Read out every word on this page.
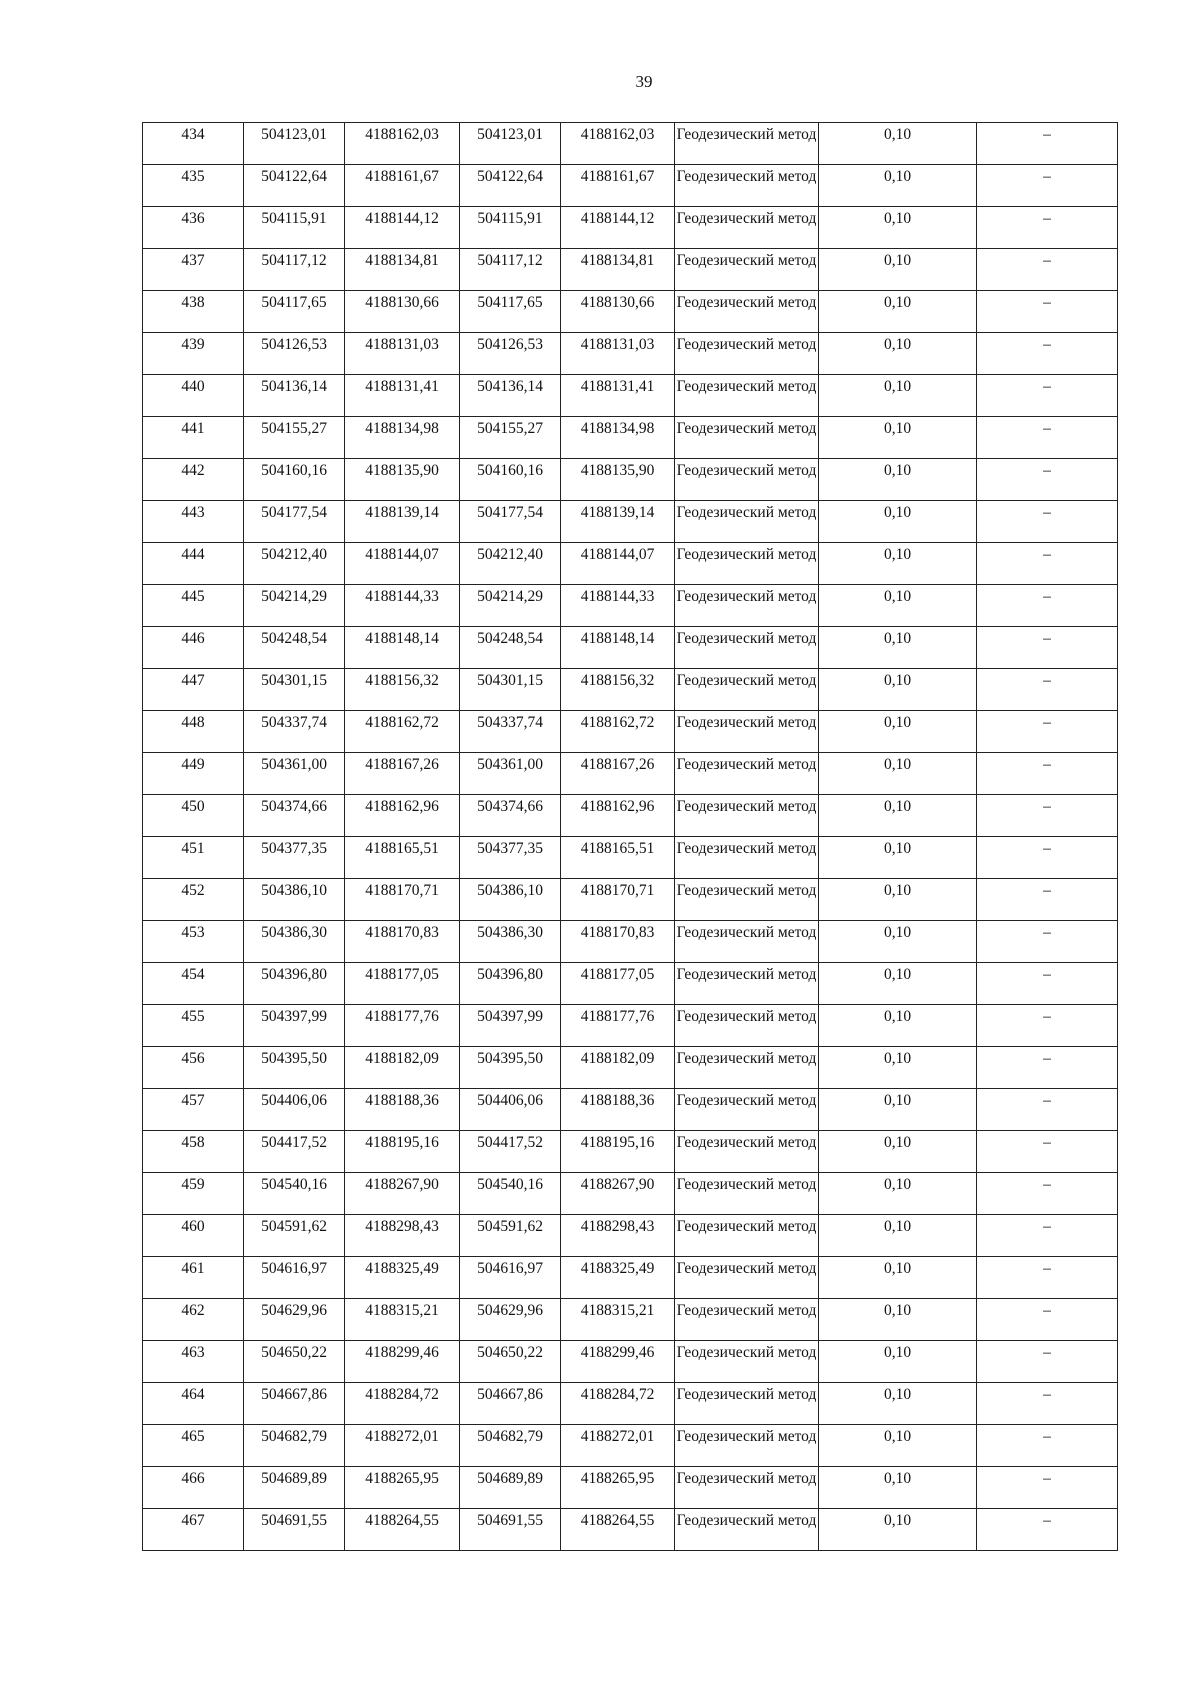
39
434	504123,01	4188162,03	504123,01	4188162,03	Геодезический метод	0,10	–
435	504122,64	4188161,67	504122,64	4188161,67	Геодезический метод	0,10	–
436	504115,91	4188144,12	504115,91	4188144,12	Геодезический метод	0,10	–
437	504117,12	4188134,81	504117,12	4188134,81	Геодезический метод	0,10	–
438	504117,65	4188130,66	504117,65	4188130,66	Геодезический метод	0,10	–
439	504126,53	4188131,03	504126,53	4188131,03	Геодезический метод	0,10	–
440	504136,14	4188131,41	504136,14	4188131,41	Геодезический метод	0,10	–
441	504155,27	4188134,98	504155,27	4188134,98	Геодезический метод	0,10	–
442	504160,16	4188135,90	504160,16	4188135,90	Геодезический метод	0,10	–
443	504177,54	4188139,14	504177,54	4188139,14	Геодезический метод	0,10	–
444	504212,40	4188144,07	504212,40	4188144,07	Геодезический метод	0,10	–
445	504214,29	4188144,33	504214,29	4188144,33	Геодезический метод	0,10	–
446	504248,54	4188148,14	504248,54	4188148,14	Геодезический метод	0,10	–
447	504301,15	4188156,32	504301,15	4188156,32	Геодезический метод	0,10	–
448	504337,74	4188162,72	504337,74	4188162,72	Геодезический метод	0,10	–
449	504361,00	4188167,26	504361,00	4188167,26	Геодезический метод	0,10	–
450	504374,66	4188162,96	504374,66	4188162,96	Геодезический метод	0,10	–
451	504377,35	4188165,51	504377,35	4188165,51	Геодезический метод	0,10	–
452	504386,10	4188170,71	504386,10	4188170,71	Геодезический метод	0,10	–
453	504386,30	4188170,83	504386,30	4188170,83	Геодезический метод	0,10	–
454	504396,80	4188177,05	504396,80	4188177,05	Геодезический метод	0,10	–
455	504397,99	4188177,76	504397,99	4188177,76	Геодезический метод	0,10	–
456	504395,50	4188182,09	504395,50	4188182,09	Геодезический метод	0,10	–
457	504406,06	4188188,36	504406,06	4188188,36	Геодезический метод	0,10	–
458	504417,52	4188195,16	504417,52	4188195,16	Геодезический метод	0,10	–
459	504540,16	4188267,90	504540,16	4188267,90	Геодезический метод	0,10	–
460	504591,62	4188298,43	504591,62	4188298,43	Геодезический метод	0,10	–
461	504616,97	4188325,49	504616,97	4188325,49	Геодезический метод	0,10	–
462	504629,96	4188315,21	504629,96	4188315,21	Геодезический метод	0,10	–
463	504650,22	4188299,46	504650,22	4188299,46	Геодезический метод	0,10	–
464	504667,86	4188284,72	504667,86	4188284,72	Геодезический метод	0,10	–
465	504682,79	4188272,01	504682,79	4188272,01	Геодезический метод	0,10	–
466	504689,89	4188265,95	504689,89	4188265,95	Геодезический метод	0,10	–
467	504691,55	4188264,55	504691,55	4188264,55	Геодезический метод	0,10	–
